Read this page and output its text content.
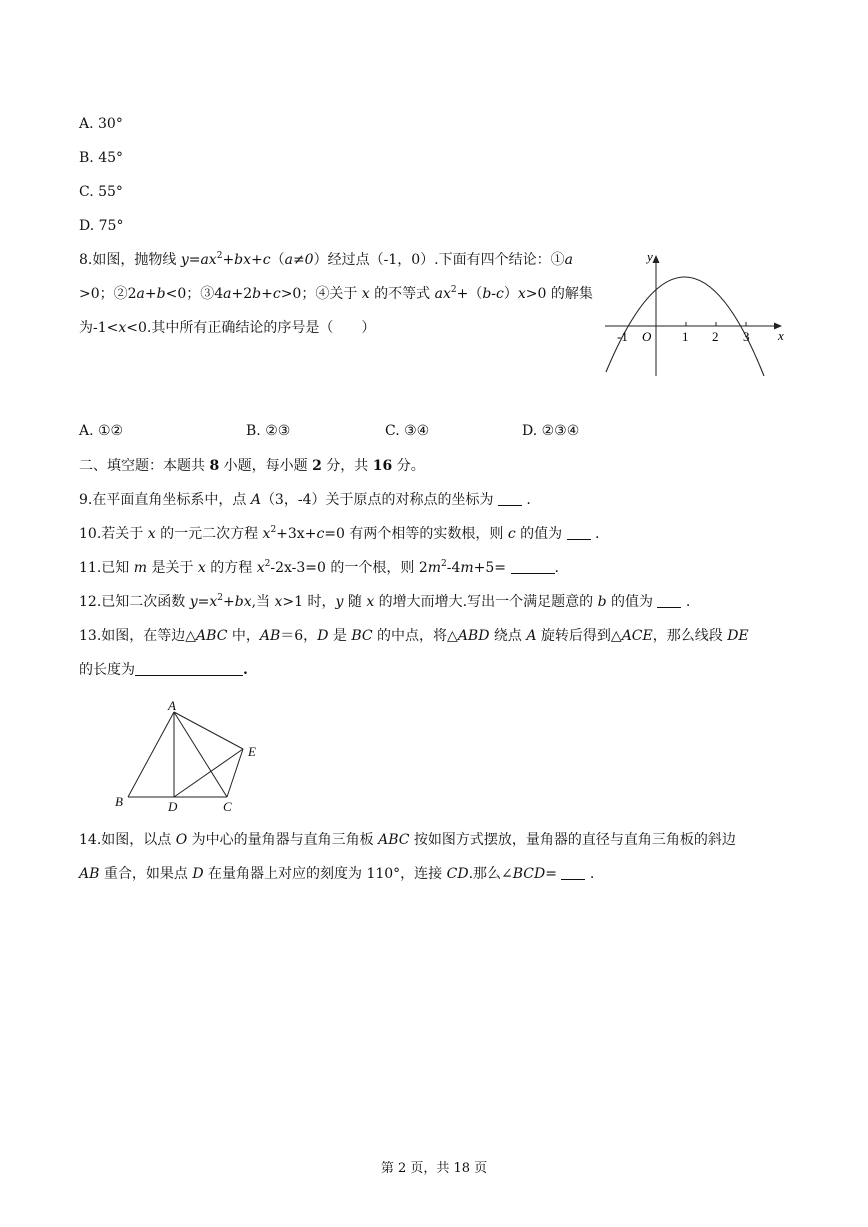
A. 30°
B. 45°
C. 55°
D. 75°
8.如图，抛物线 $y=ax^2+bx+c(a\ne 0)$经过点（-1，0）.下面有四个结论：①a
>0；②2a+b<0；③4a+2b+c>0；④关于 x 的不等式 $ax^2+(b-c)x>0$ 的解集
为-1<x<0.其中所有正确结论的序号是（　　）
y
x
O
-1	1 2 3
A. ①②	B. ②③	C. ③④	D. ②③④
二、填空题：本题共 8 小题，每小题 2 分，共 16 分。
9.在平面直角坐标系中，点 A（3，-4）关于原点的对称点的坐标为  .
10.若关于 x 的一元二次方程 $x^2+3x+c=0$ 有两个相等的实数根，则 c 的值为  .
11.已知 m 是关于 x 的方程 $x^2-2x-3=0$ 的一个根，则 $2m^2-4m+5=$	.
12.已知二次函数 $y=x^2+bx$,当 x>1 时，y 随 x 的增大而增大.写出一个满足题意的 b 的值为  .
13.如图，在等边△ABC 中，AB＝6，D 是 BC 的中点，将△ABD 绕点 A 旋转后得到△ACE，那么线段 DE
的长度为	.
A
B	D	C
E
14.如图，以点 O 为中心的量角器与直角三角板 ABC 按如图方式摆放，量角器的直径与直角三角板的斜边
AB 重合，如果点 D 在量角器上对应的刻度为 110°，连接 CD.那么∠BCD=  .
第 2 页，共 18 页
